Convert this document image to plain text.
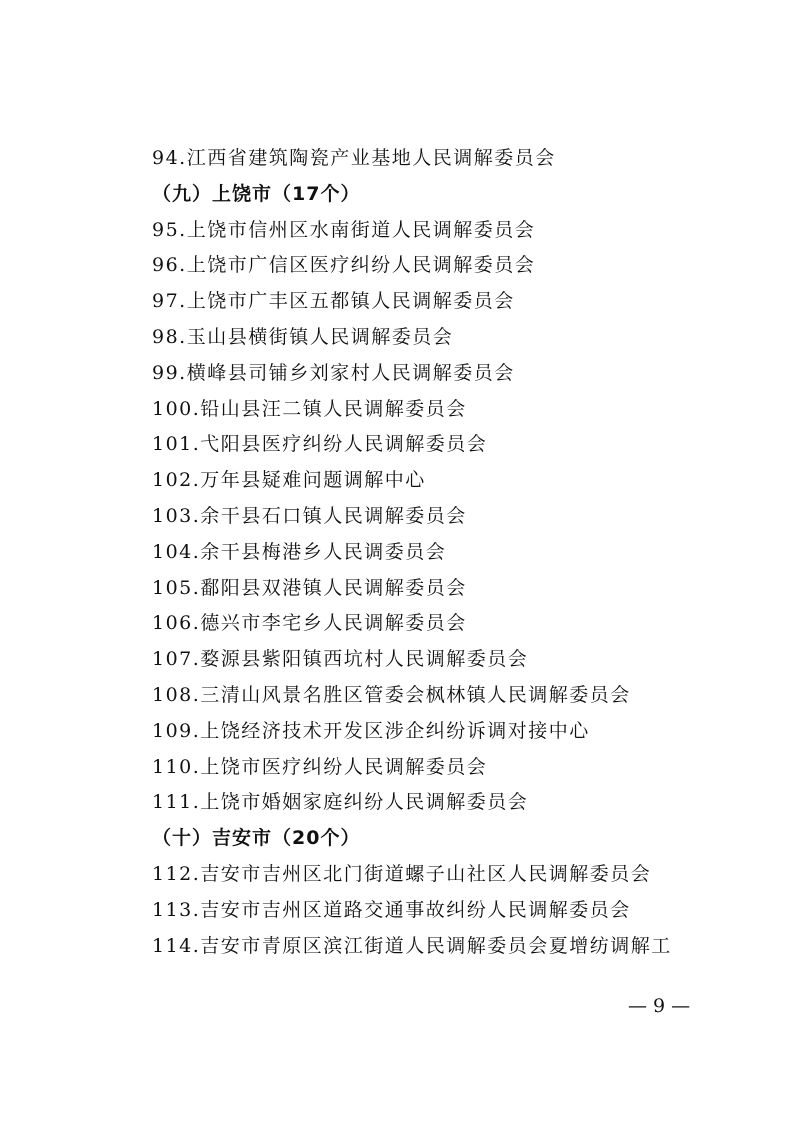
94.江西省建筑陶瓷产业基地人民调解委员会
（九）上饶市（17个）
95.上饶市信州区水南街道人民调解委员会
96.上饶市广信区医疗纠纷人民调解委员会
97.上饶市广丰区五都镇人民调解委员会
98.玉山县横街镇人民调解委员会
99.横峰县司铺乡刘家村人民调解委员会
100.铅山县汪二镇人民调解委员会
101.弋阳县医疗纠纷人民调解委员会
102.万年县疑难问题调解中心
103.余干县石口镇人民调解委员会
104.余干县梅港乡人民调委员会
105.鄱阳县双港镇人民调解委员会
106.德兴市李宅乡人民调解委员会
107.婺源县紫阳镇西坑村人民调解委员会
108.三清山风景名胜区管委会枫林镇人民调解委员会
109.上饶经济技术开发区涉企纠纷诉调对接中心
110.上饶市医疗纠纷人民调解委员会
111.上饶市婚姻家庭纠纷人民调解委员会
（十）吉安市（20个）
112.吉安市吉州区北门街道螺子山社区人民调解委员会
113.吉安市吉州区道路交通事故纠纷人民调解委员会
114.吉安市青原区滨江街道人民调解委员会夏增纺调解工
— 9 —
